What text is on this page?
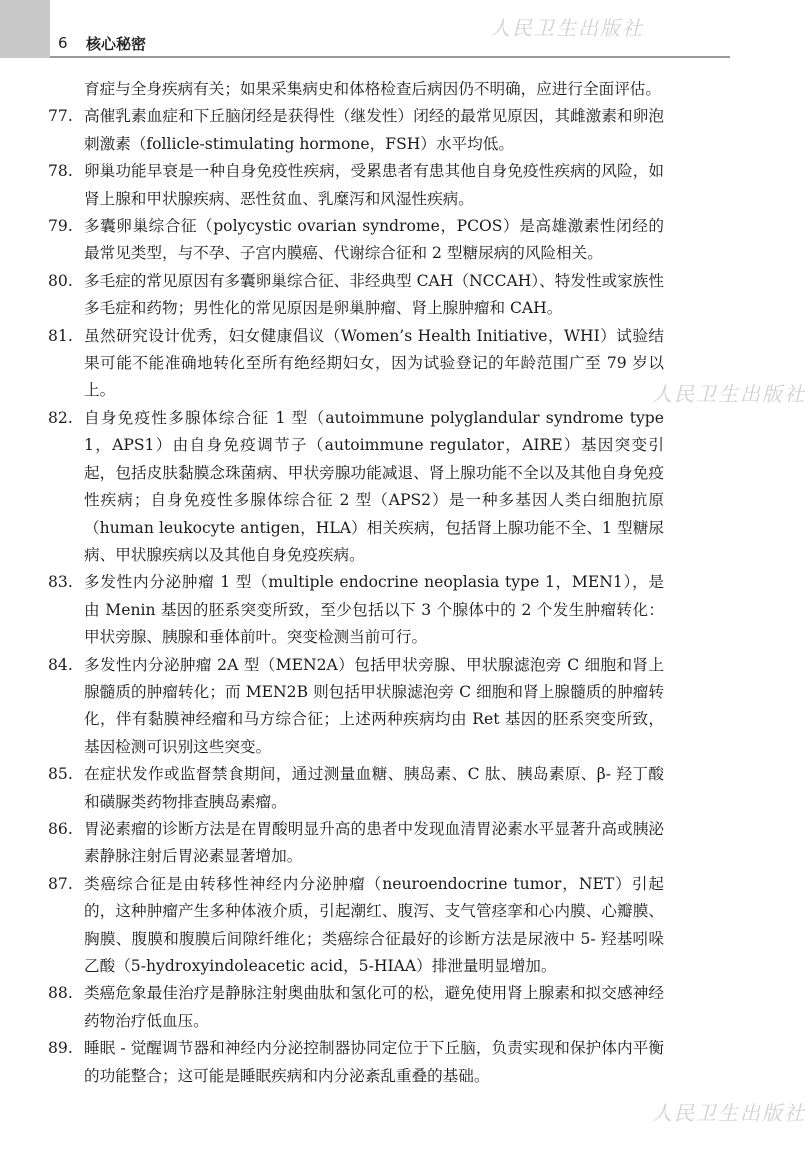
6 核心秘密
人民卫生出版社
人民卫生出版社
人民卫生出版社
育症与全身疾病有关；如果采集病史和体格检查后病因仍不明确，应进行全面评估。
77. 高催乳素血症和下丘脑闭经是获得性（继发性）闭经的最常见原因，其雌激素和卵泡刺激素（follicle-stimulating hormone，FSH）水平均低。
78. 卵巢功能早衰是一种自身免疫性疾病，受累患者有患其他自身免疫性疾病的风险，如肾上腺和甲状腺疾病、恶性贫血、乳糜泻和风湿性疾病。
79. 多囊卵巢综合征（polycystic ovarian syndrome，PCOS）是高雄激素性闭经的最常见类型，与不孕、子宫内膜癌、代谢综合征和 2 型糖尿病的风险相关。
80. 多毛症的常见原因有多囊卵巢综合征、非经典型 CAH（NCCAH）、特发性或家族性多毛症和药物；男性化的常见原因是卵巢肿瘤、肾上腺肿瘤和 CAH。
81. 虽然研究设计优秀，妇女健康倡议（Women’s Health Initiative，WHI）试验结果可能不能准确地转化至所有绝经期妇女，因为试验登记的年龄范围广至 79 岁以上。
82. 自身免疫性多腺体综合征 1 型（autoimmune polyglandular syndrome type 1，APS1）由自身免疫调节子（autoimmune regulator，AIRE）基因突变引起，包括皮肤黏膜念珠菌病、甲状旁腺功能减退、肾上腺功能不全以及其他自身免疫性疾病；自身免疫性多腺体综合征 2 型（APS2）是一种多基因人类白细胞抗原（human leukocyte antigen，HLA）相关疾病，包括肾上腺功能不全、1 型糖尿病、甲状腺疾病以及其他自身免疫疾病。
83. 多发性内分泌肿瘤 1 型（multiple endocrine neoplasia type 1，MEN1），是由 Menin 基因的胚系突变所致，至少包括以下 3 个腺体中的 2 个发生肿瘤转化：甲状旁腺、胰腺和垂体前叶。突变检测当前可行。
84. 多发性内分泌肿瘤 2A 型（MEN2A）包括甲状旁腺、甲状腺滤泡旁 C 细胞和肾上腺髓质的肿瘤转化；而 MEN2B 则包括甲状腺滤泡旁 C 细胞和肾上腺髓质的肿瘤转化，伴有黏膜神经瘤和马方综合征；上述两种疾病均由 Ret 基因的胚系突变所致，基因检测可识别这些突变。
85. 在症状发作或监督禁食期间，通过测量血糖、胰岛素、C 肽、胰岛素原、β- 羟丁酸和磺脲类药物排查胰岛素瘤。
86. 胃泌素瘤的诊断方法是在胃酸明显升高的患者中发现血清胃泌素水平显著升高或胰泌素静脉注射后胃泌素显著增加。
87. 类癌综合征是由转移性神经内分泌肿瘤（neuroendocrine tumor，NET）引起的，这种肿瘤产生多种体液介质，引起潮红、腹泻、支气管痉挛和心内膜、心瓣膜、胸膜、腹膜和腹膜后间隙纤维化；类癌综合征最好的诊断方法是尿液中 5- 羟基吲哚乙酸（5-hydroxyindoleacetic acid，5-HIAA）排泄量明显增加。
88. 类癌危象最佳治疗是静脉注射奥曲肽和氢化可的松，避免使用肾上腺素和拟交感神经药物治疗低血压。
89. 睡眠 - 觉醒调节器和神经内分泌控制器协同定位于下丘脑，负责实现和保护体内平衡的功能整合；这可能是睡眠疾病和内分泌紊乱重叠的基础。
